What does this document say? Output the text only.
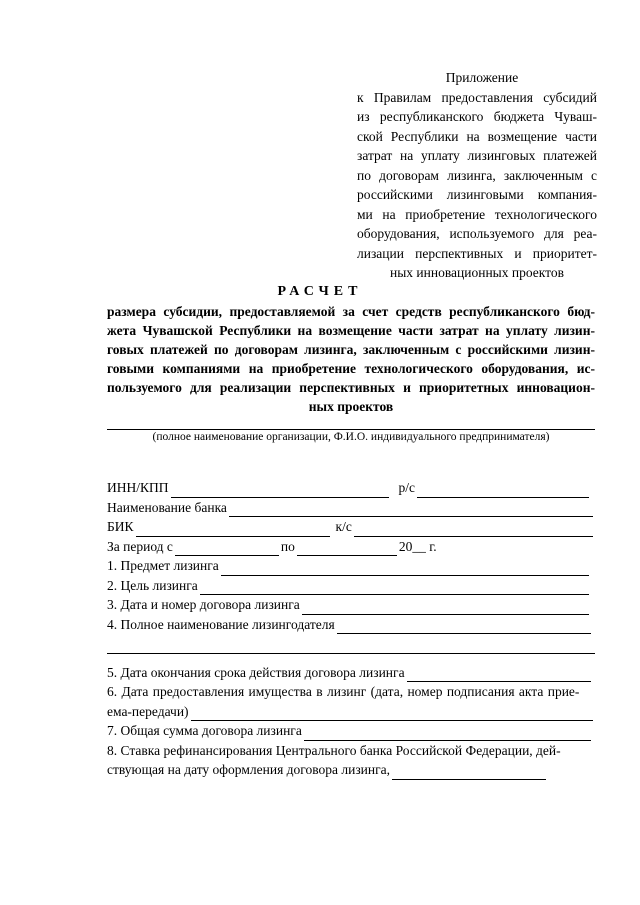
Приложение
к Правилам предоставления субсидий
из республиканского бюджета Чуваш-
ской Республики на возмещение части
затрат на уплату лизинговых платежей
по договорам лизинга, заключенным с
российскими лизинговыми компания-
ми на приобретение технологического
оборудования, используемого для реа-
лизации перспективных и приоритет-
ных инновационных проектов
РАСЧЕТ
размера субсидии, предоставляемой за счет средств республиканского бюд-
жета Чувашской Республики на возмещение части затрат на уплату лизин-
говых платежей по договорам лизинга, заключенным с российскими лизин-
говыми компаниями на приобретение технологического оборудования, ис-
пользуемого для реализации перспективных и приоритетных инновацион-
ных проектов
(полное наименование организации, Ф.И.О. индивидуального предпринимателя)
ИНН/КПП	р/с
Наименование банка
БИК	к/с
За период с	по	20__ г.
1. Предмет лизинга
2. Цель лизинга
3. Дата и номер договора лизинга
4. Полное наименование лизингодателя
5. Дата окончания срока действия договора лизинга
6. Дата предоставления имущества в лизинг (дата, номер подписания акта прие-
ема-передачи)
7. Общая сумма договора лизинга
8. Ставка рефинансирования Центрального банка Российской Федерации, дей-
ствующая на дату оформления договора лизинга,
